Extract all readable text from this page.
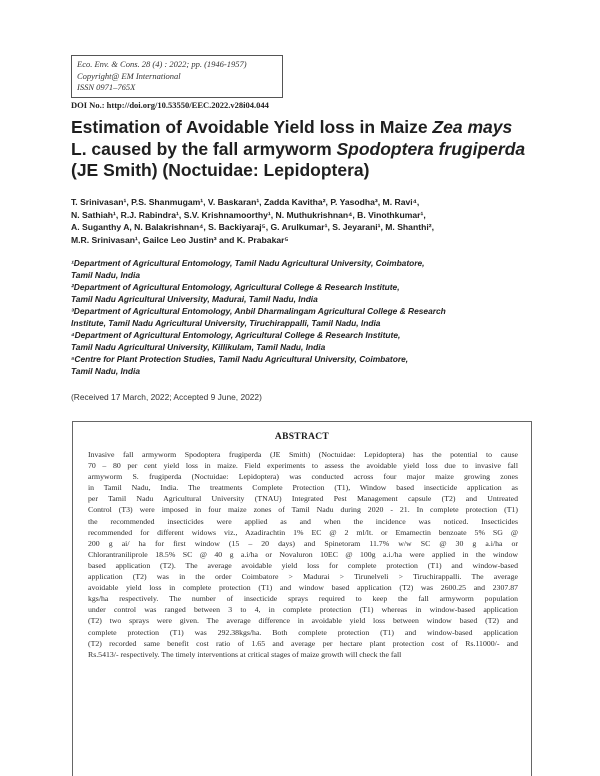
Eco. Env. & Cons. 28 (4) : 2022; pp. (1946-1957)
Copyright@ EM International
ISSN 0971–765X
DOI No.: http://doi.org/10.53550/EEC.2022.v28i04.044
Estimation of Avoidable Yield loss in Maize Zea mays
L. caused by the fall armyworm Spodoptera frugiperda
(JE Smith) (Noctuidae: Lepidoptera)
T. Srinivasan¹, P.S. Shanmugam¹, V. Baskaran¹, Zadda Kavitha², P. Yasodha³, M. Ravi⁴,
N. Sathiah¹, R.J. Rabindra¹, S.V. Krishnamoorthy¹, N. Muthukrishnan⁴, B. Vinothkumar¹,
A. Suganthy A, N. Balakrishnan⁴, S. Backiyaraj⁵, G. Arulkumar¹, S. Jeyarani¹, M. Shanthi²,
M.R. Srinivasan¹, Gailce Leo Justin³ and K. Prabakar⁵
¹Department of Agricultural Entomology, Tamil Nadu Agricultural University, Coimbatore,
Tamil Nadu, India
²Department of Agricultural Entomology, Agricultural College & Research Institute,
Tamil Nadu Agricultural University, Madurai, Tamil Nadu, India
³Department of Agricultural Entomology, Anbil Dharmalingam Agricultural College & Research
Institute, Tamil Nadu Agricultural University, Tiruchirappalli, Tamil Nadu, India
⁴Department of Agricultural Entomology, Agricultural College & Research Institute,
Tamil Nadu Agricultural University, Killikulam, Tamil Nadu, India
⁵Centre for Plant Protection Studies, Tamil Nadu Agricultural University, Coimbatore,
Tamil Nadu, India
(Received 17 March, 2022; Accepted 9 June, 2022)
ABSTRACT
Invasive fall armyworm Spodoptera frugiperda (JE Smith) (Noctuidae: Lepidoptera) has the potential to cause
70 – 80 per cent yield loss in maize. Field experiments to assess the avoidable yield loss due to invasive fall
armyworm S. frugiperda (Noctuidae: Lepidoptera) was conducted across four major maize growing zones
in Tamil Nadu, India. The treatments Complete Protection (T1), Window based insecticide application as
per Tamil Nadu Agricultural University (TNAU) Integrated Pest Management capsule (T2) and Untreated
Control (T3) were imposed in four maize zones of Tamil Nadu during 2020 - 21. In complete protection (T1)
the recommended insecticides were applied as and when the incidence was noticed. Insecticides
recommended for different widows viz., Azadirachtin 1% EC @ 2 ml/lt. or Emamectin benzoate 5% SG @
200 g ai/ ha for first window (15 – 20 days) and Spinetoram 11.7% w/w SC @ 30 g a.i/ha or
Chlorantraniliprole 18.5% SC @ 40 g a.i/ha or Novaluron 10EC @ 100g a.i./ha were applied in the window
based application (T2). The average avoidable yield loss for complete protection (T1) and window-based
application (T2) was in the order Coimbatore > Madurai > Tirunelveli > Tiruchirappalli. The average
avoidable yield loss in complete protection (T1) and window based application (T2) was 2600.25 and 2307.87
kgs/ha respectively. The number of insecticide sprays required to keep the fall armyworm population
under control was ranged between 3 to 4, in complete protection (T1) whereas in window-based application
(T2) two sprays were given. The average difference in avoidable yield loss between window based (T2) and
complete protection (T1) was 292.38kgs/ha. Both complete protection (T1) and window-based application
(T2) recorded same benefit cost ratio of 1.65 and average per hectare plant protection cost of Rs.11000/- and
Rs.5413/- respectively. The timely interventions at critical stages of maize growth will check the fall
